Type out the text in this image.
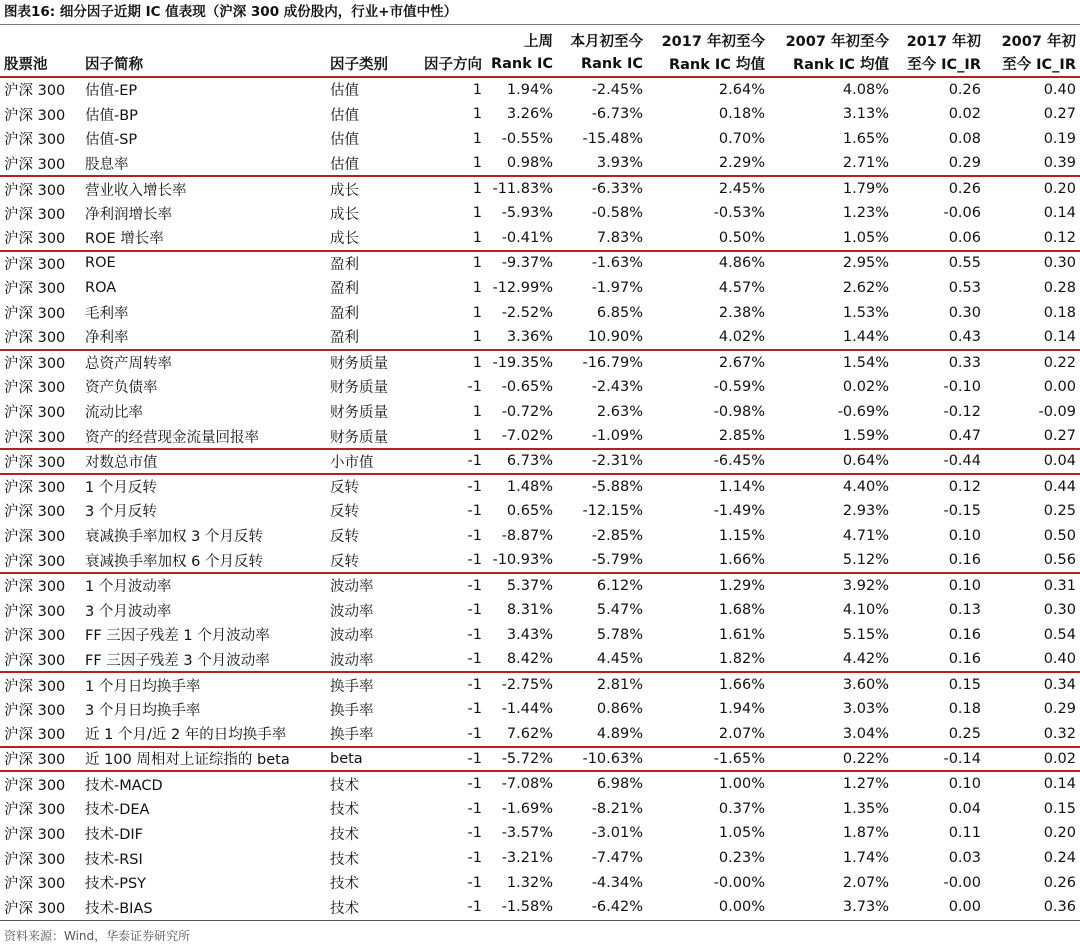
图表16: 细分因子近期 IC 值表现（沪深 300 成份股内，行业+市值中性）
				上周	本月初至今	2017 年初至今	2007 年初至今	2017 年初	2007 年初
股票池	因子简称	因子类别	因子方向	Rank IC	Rank IC	Rank IC 均值	Rank IC 均值	至今 IC_IR	至今 IC_IR
沪深 300	估值-EP	估值	1	1.94%	-2.45%	2.64%	4.08%	0.26	0.40
沪深 300	估值-BP	估值	1	3.26%	-6.73%	0.18%	3.13%	0.02	0.27
沪深 300	估值-SP	估值	1	-0.55%	-15.48%	0.70%	1.65%	0.08	0.19
沪深 300	股息率	估值	1	0.98%	3.93%	2.29%	2.71%	0.29	0.39
沪深 300	营业收入增长率	成长	1	-11.83%	-6.33%	2.45%	1.79%	0.26	0.20
沪深 300	净利润增长率	成长	1	-5.93%	-0.58%	-0.53%	1.23%	-0.06	0.14
沪深 300	ROE 增长率	成长	1	-0.41%	7.83%	0.50%	1.05%	0.06	0.12
沪深 300	ROE	盈利	1	-9.37%	-1.63%	4.86%	2.95%	0.55	0.30
沪深 300	ROA	盈利	1	-12.99%	-1.97%	4.57%	2.62%	0.53	0.28
沪深 300	毛利率	盈利	1	-2.52%	6.85%	2.38%	1.53%	0.30	0.18
沪深 300	净利率	盈利	1	3.36%	10.90%	4.02%	1.44%	0.43	0.14
沪深 300	总资产周转率	财务质量	1	-19.35%	-16.79%	2.67%	1.54%	0.33	0.22
沪深 300	资产负债率	财务质量	-1	-0.65%	-2.43%	-0.59%	0.02%	-0.10	0.00
沪深 300	流动比率	财务质量	1	-0.72%	2.63%	-0.98%	-0.69%	-0.12	-0.09
沪深 300	资产的经营现金流量回报率	财务质量	1	-7.02%	-1.09%	2.85%	1.59%	0.47	0.27
沪深 300	对数总市值	小市值	-1	6.73%	-2.31%	-6.45%	0.64%	-0.44	0.04
沪深 300	1 个月反转	反转	-1	1.48%	-5.88%	1.14%	4.40%	0.12	0.44
沪深 300	3 个月反转	反转	-1	0.65%	-12.15%	-1.49%	2.93%	-0.15	0.25
沪深 300	衰减换手率加权 3 个月反转	反转	-1	-8.87%	-2.85%	1.15%	4.71%	0.10	0.50
沪深 300	衰减换手率加权 6 个月反转	反转	-1	-10.93%	-5.79%	1.66%	5.12%	0.16	0.56
沪深 300	1 个月波动率	波动率	-1	5.37%	6.12%	1.29%	3.92%	0.10	0.31
沪深 300	3 个月波动率	波动率	-1	8.31%	5.47%	1.68%	4.10%	0.13	0.30
沪深 300	FF 三因子残差 1 个月波动率	波动率	-1	3.43%	5.78%	1.61%	5.15%	0.16	0.54
沪深 300	FF 三因子残差 3 个月波动率	波动率	-1	8.42%	4.45%	1.82%	4.42%	0.16	0.40
沪深 300	1 个月日均换手率	换手率	-1	-2.75%	2.81%	1.66%	3.60%	0.15	0.34
沪深 300	3 个月日均换手率	换手率	-1	-1.44%	0.86%	1.94%	3.03%	0.18	0.29
沪深 300	近 1 个月/近 2 年的日均换手率	换手率	-1	7.62%	4.89%	2.07%	3.04%	0.25	0.32
沪深 300	近 100 周相对上证综指的 beta	beta	-1	-5.72%	-10.63%	-1.65%	0.22%	-0.14	0.02
沪深 300	技术-MACD	技术	-1	-7.08%	6.98%	1.00%	1.27%	0.10	0.14
沪深 300	技术-DEA	技术	-1	-1.69%	-8.21%	0.37%	1.35%	0.04	0.15
沪深 300	技术-DIF	技术	-1	-3.57%	-3.01%	1.05%	1.87%	0.11	0.20
沪深 300	技术-RSI	技术	-1	-3.21%	-7.47%	0.23%	1.74%	0.03	0.24
沪深 300	技术-PSY	技术	-1	1.32%	-4.34%	-0.00%	2.07%	-0.00	0.26
沪深 300	技术-BIAS	技术	-1	-1.58%	-6.42%	0.00%	3.73%	0.00	0.36
资料来源：Wind，华泰证券研究所
